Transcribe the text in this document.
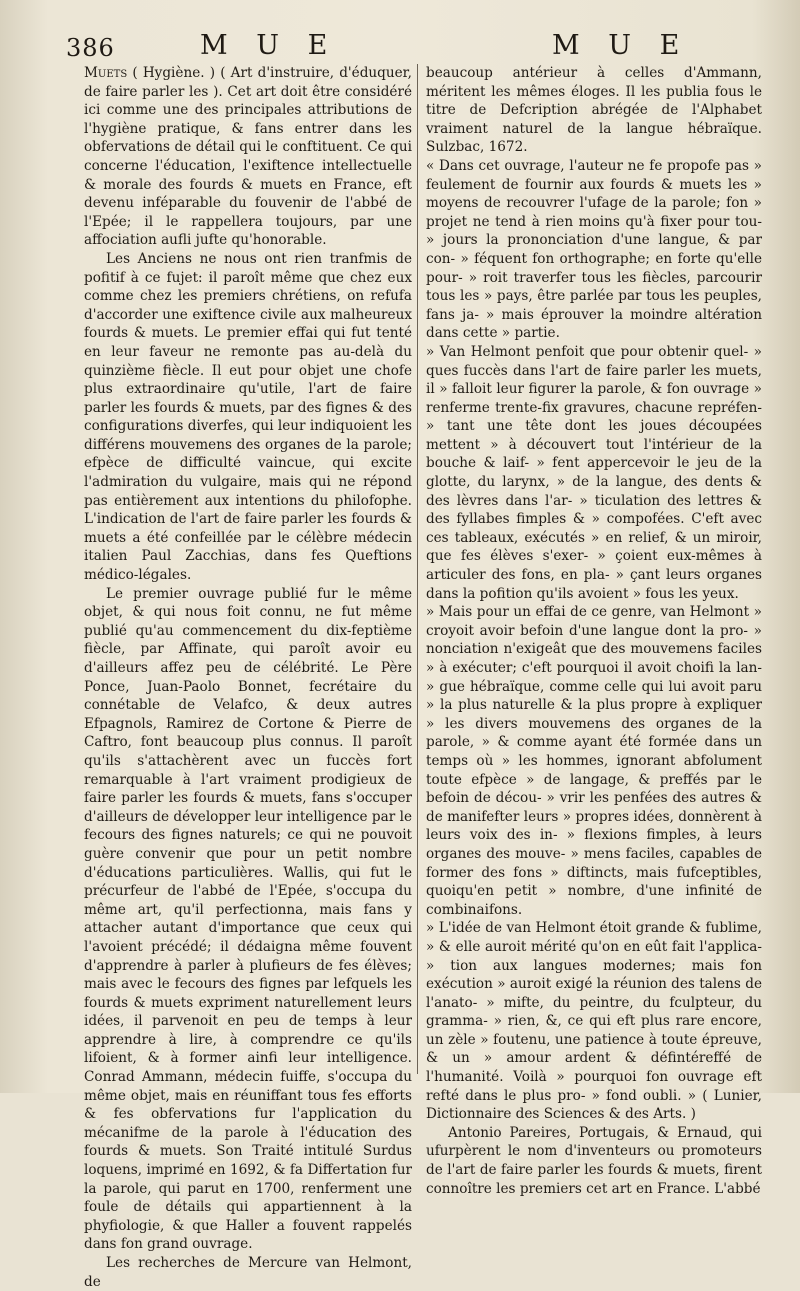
386	M U E	M U E

Muets ( Hygiène. ) ( Art d'instruire, d'éduquer, de faire parler les ). Cet art doit être considéré ici comme une des principales attributions de l'hygiène pratique, & fans entrer dans les obfervations de détail qui le conftituent. Ce qui concerne l'éducation, l'exiftence intellectuelle & morale des fourds & muets en France, eft devenu inféparable du fouvenir de l'abbé de l'Epée; il le rappellera toujours, par une affociation aufli jufte qu'honorable.

Les Anciens ne nous ont rien tranfmis de pofitif à ce fujet: il paroît même que chez eux comme chez les premiers chrétiens, on refufa d'accorder une exiftence civile aux malheureux fourds & muets. Le premier effai qui fut tenté en leur faveur ne remonte pas au-delà du quinzième fiècle. Il eut pour objet une chofe plus extraordinaire qu'utile, l'art de faire parler les fourds & muets, par des fignes & des configurations diverfes, qui leur indiquoient les différens mouvemens des organes de la parole; efpèce de difficulté vaincue, qui excite l'admiration du vulgaire, mais qui ne répond pas entièrement aux intentions du philofophe. L'indication de l'art de faire parler les fourds & muets a été confeillée par le célèbre médecin italien Paul Zacchias, dans fes Queftions médico-légales.

Le premier ouvrage publié fur le même objet, & qui nous foit connu, ne fut même publié qu'au commencement du dix-feptième fiècle, par Affinate, qui paroît avoir eu d'ailleurs affez peu de célébrité. Le Père Ponce, Juan-Paolo Bonnet, fecrétaire du connétable de Velafco, & deux autres Efpagnols, Ramirez de Cortone & Pierre de Caftro, font beaucoup plus connus. Il paroît qu'ils s'attachèrent avec un fuccès fort remarquable à l'art vraiment prodigieux de faire parler les fourds & muets, fans s'occuper d'ailleurs de développer leur intelligence par le fecours des fignes naturels; ce qui ne pouvoit guère convenir que pour un petit nombre d'éducations particulières. Wallis, qui fut le précurfeur de l'abbé de l'Epée, s'occupa du même art, qu'il perfectionna, mais fans y attacher autant d'importance que ceux qui l'avoient précédé; il dédaigna même fouvent d'apprendre à parler à plufieurs de fes élèves; mais avec le fecours des fignes par lefquels les fourds & muets expriment naturellement leurs idées, il parvenoit en peu de temps à leur apprendre à lire, à comprendre ce qu'ils lifoient, & à former ainfi leur intelligence. Conrad Ammann, médecin fuiffe, s'occupa du même objet, mais en réuniffant tous fes efforts & fes obfervations fur l'application du mécanifme de la parole à l'éducation des fourds & muets. Son Traité intitulé Surdus loquens, imprimé en 1692, & fa Differtation fur la parole, qui parut en 1700, renferment une foule de détails qui appartiennent à la phyfiologie, & que Haller a fouvent rappelés dans fon grand ouvrage.

Les recherches de Mercure van Helmont, de

beaucoup antérieur à celles d'Ammann, méritent les mêmes éloges. Il les publia fous le titre de Defcription abrégée de l'Alphabet vraiment naturel de la langue hébraïque. Sulzbac, 1672.

« Dans cet ouvrage, l'auteur ne fe propofe pas » feulement de fournir aux fourds & muets les » moyens de recouvrer l'ufage de la parole; fon » projet ne tend à rien moins qu'à fixer pour tou- » jours la prononciation d'une langue, & par con- » féquent fon orthographe; en forte qu'elle pour- » roit traverfer tous les fiècles, parcourir tous les » pays, être parlée par tous les peuples, fans ja- » mais éprouver la moindre altération dans cette » partie.

» Van Helmont penfoit que pour obtenir quel- » ques fuccès dans l'art de faire parler les muets, il » falloit leur figurer la parole, & fon ouvrage » renferme trente-fix gravures, chacune repréfen- » tant une tête dont les joues découpées mettent » à découvert tout l'intérieur de la bouche & laif- » fent appercevoir le jeu de la glotte, du larynx, » de la langue, des dents & des lèvres dans l'ar- » ticulation des lettres & des fyllabes fimples & » compofées. C'eft avec ces tableaux, exécutés » en relief, & un miroir, que fes élèves s'exer- » çoient eux-mêmes à articuler des fons, en pla- » çant leurs organes dans la pofition qu'ils avoient » fous les yeux.

» Mais pour un effai de ce genre, van Helmont » croyoit avoir befoin d'une langue dont la pro- » nonciation n'exigeât que des mouvemens faciles » à exécuter; c'eft pourquoi il avoit choifi la lan- » gue hébraïque, comme celle qui lui avoit paru » la plus naturelle & la plus propre à expliquer » les divers mouvemens des organes de la parole, » & comme ayant été formée dans un temps où » les hommes, ignorant abfolument toute efpèce » de langage, & preffés par le befoin de décou- » vrir les penfées des autres & de manifefter leurs » propres idées, donnèrent à leurs voix des in- » flexions fimples, à leurs organes des mouve- » mens faciles, capables de former des fons » diftincts, mais fufceptibles, quoiqu'en petit » nombre, d'une infinité de combinaifons.

» L'idée de van Helmont étoit grande & fublime, » & elle auroit mérité qu'on en eût fait l'applica- » tion aux langues modernes; mais fon exécution » auroit exigé la réunion des talens de l'anato- » mifte, du peintre, du fculpteur, du gramma- » rien, &, ce qui eft plus rare encore, un zèle » foutenu, une patience à toute épreuve, & un » amour ardent & défintéreffé de l'humanité. Voilà » pourquoi fon ouvrage eft refté dans le plus pro- » fond oubli. » ( Lunier, Dictionnaire des Sciences & des Arts. )

Antonio Pareires, Portugais, & Ernaud, qui ufurpèrent le nom d'inventeurs ou promoteurs de l'art de faire parler les fourds & muets, firent connoître les premiers cet art en France. L'abbé
